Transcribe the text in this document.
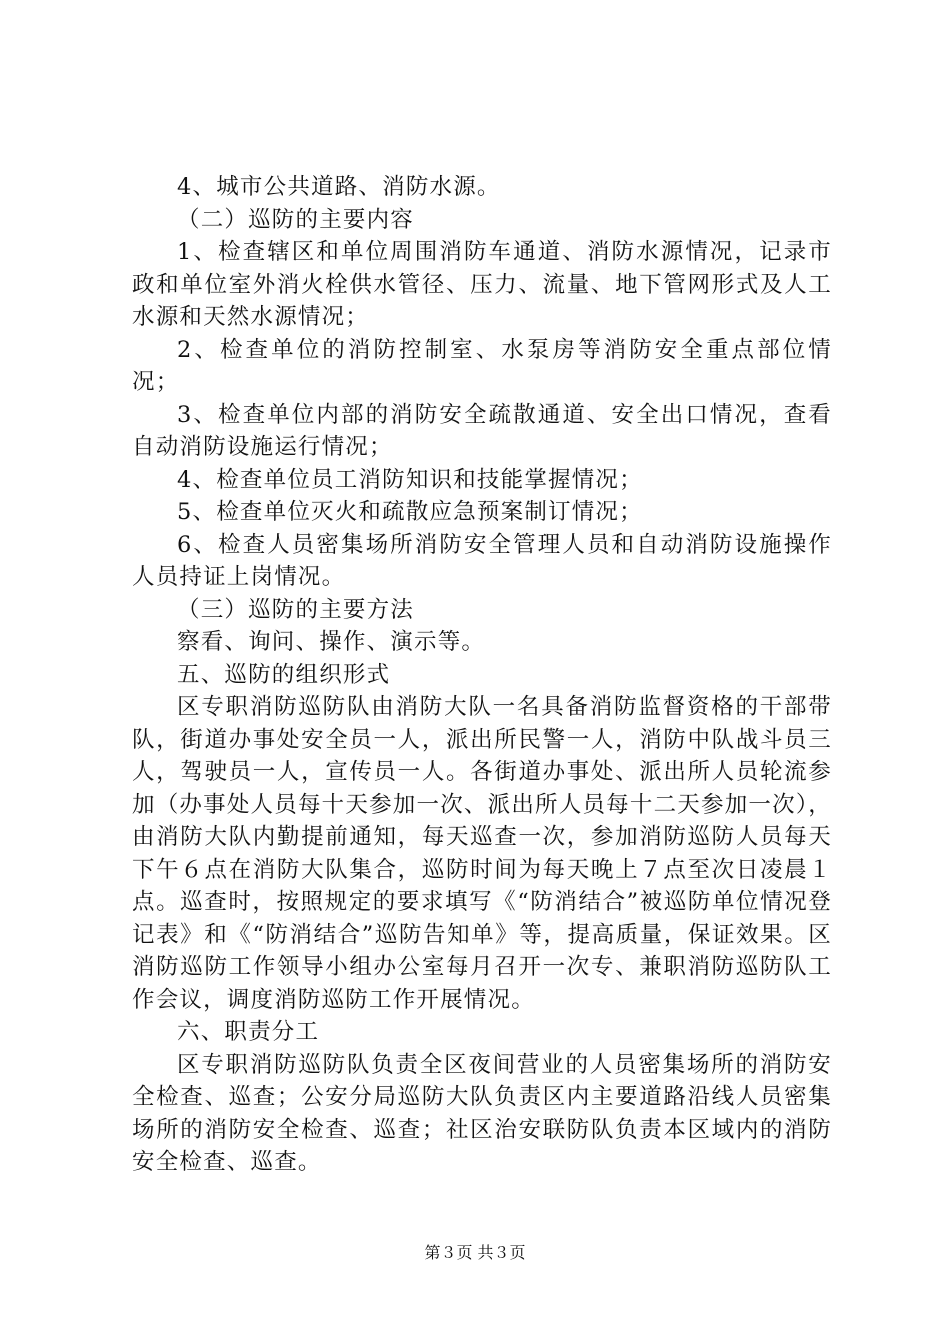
4、城市公共道路、消防水源。

（二）巡防的主要内容

1、检查辖区和单位周围消防车通道、消防水源情况，记录市政和单位室外消火栓供水管径、压力、流量、地下管网形式及人工水源和天然水源情况；

2、检查单位的消防控制室、水泵房等消防安全重点部位情况；

3、检查单位内部的消防安全疏散通道、安全出口情况，查看自动消防设施运行情况；

4、检查单位员工消防知识和技能掌握情况；

5、检查单位灭火和疏散应急预案制订情况；

6、检查人员密集场所消防安全管理人员和自动消防设施操作人员持证上岗情况。

（三）巡防的主要方法

察看、询问、操作、演示等。

五、巡防的组织形式

区专职消防巡防队由消防大队一名具备消防监督资格的干部带队，街道办事处安全员一人，派出所民警一人，消防中队战斗员三人，驾驶员一人，宣传员一人。各街道办事处、派出所人员轮流参加（办事处人员每十天参加一次、派出所人员每十二天参加一次），由消防大队内勤提前通知，每天巡查一次，参加消防巡防人员每天下午６点在消防大队集合，巡防时间为每天晚上７点至次日凌晨１点。巡查时，按照规定的要求填写《“防消结合”被巡防单位情况登记表》和《“防消结合”巡防告知单》等，提高质量，保证效果。区消防巡防工作领导小组办公室每月召开一次专、兼职消防巡防队工作会议，调度消防巡防工作开展情况。

六、职责分工

区专职消防巡防队负责全区夜间营业的人员密集场所的消防安全检查、巡查；公安分局巡防大队负责区内主要道路沿线人员密集场所的消防安全检查、巡查；社区治安联防队负责本区域内的消防安全检查、巡查。

第３页 共３页
